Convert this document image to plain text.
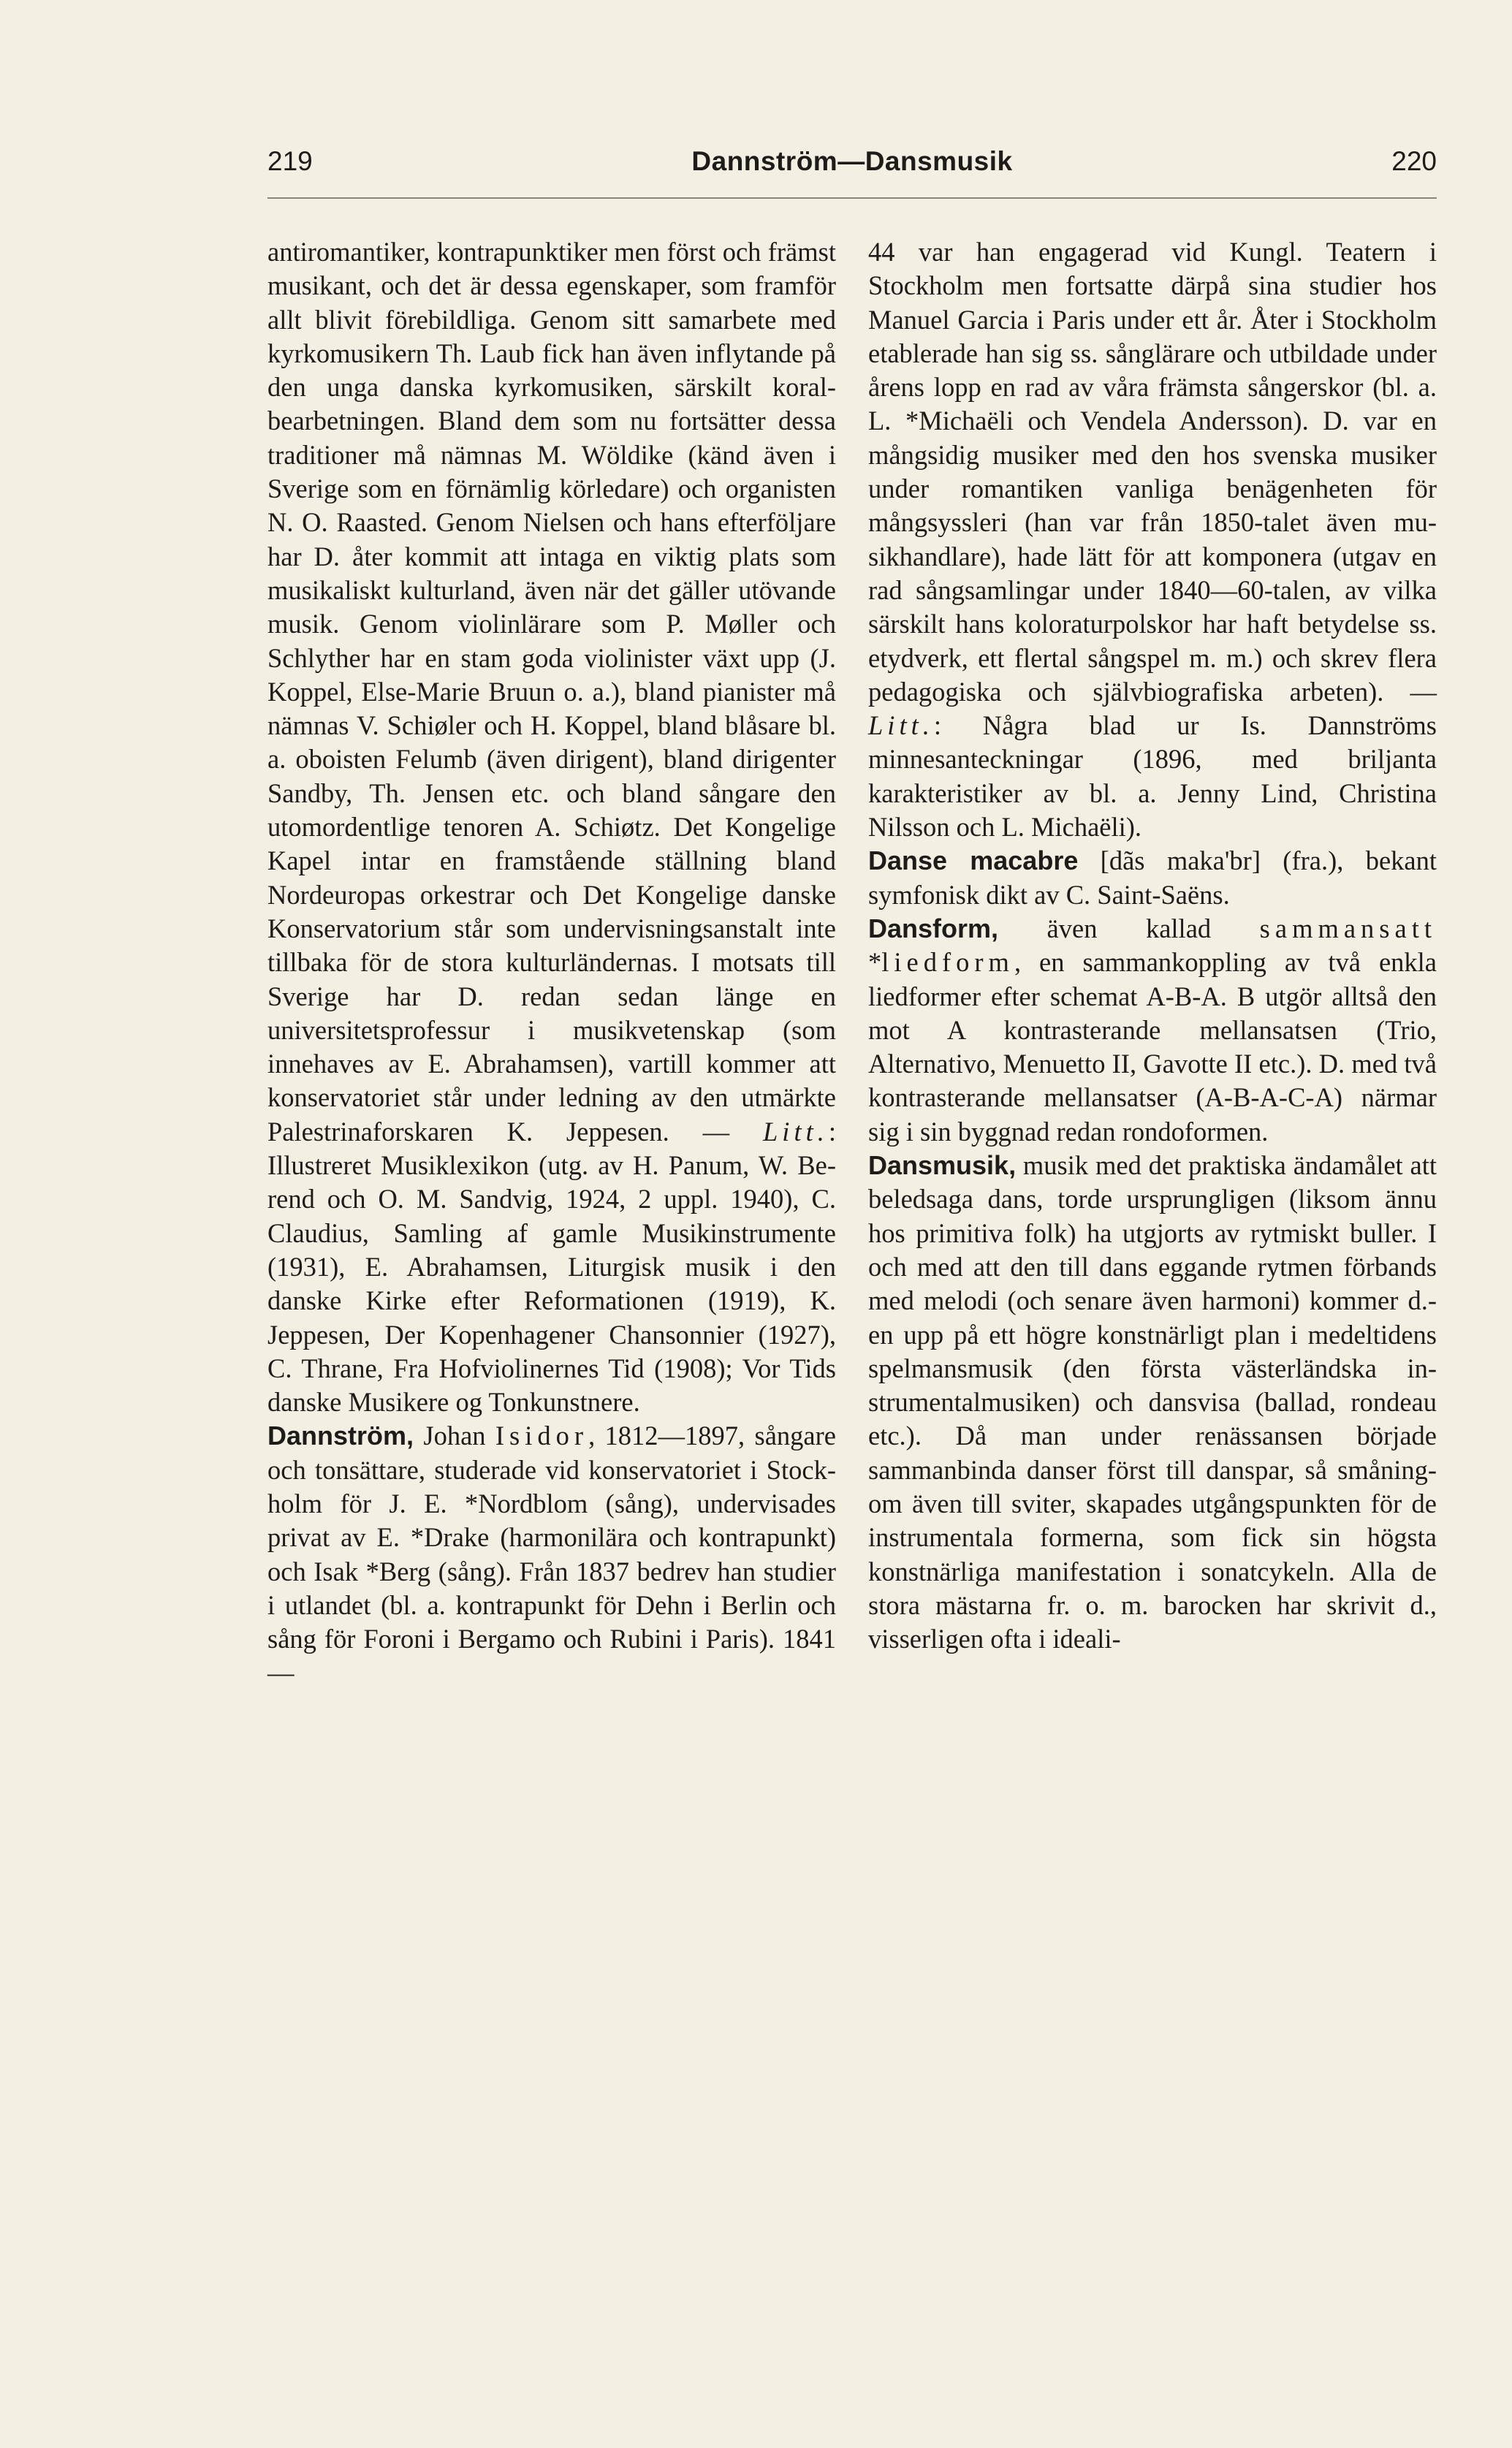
219	Dannström—Dansmusik	220

antiromantiker, kontrapunktiker men först och främst musikant, och det är dessa egenskaper, som framför allt blivit förebildliga. Genom sitt samarbete med kyrkomusikern Th. Laub fick han även inflytande på den unga danska kyrkomusiken, särskilt koralbearbetningen. Bland dem som nu fortsätter dessa traditioner må nämnas M. Wöldike (känd även i Sverige som en förnämlig körledare) och organisten N. O. Raasted. Genom Nielsen och hans efterföljare har D. åter kommit att intaga en viktig plats som musikaliskt kulturland, även när det gäller utövande musik. Genom violinlärare som P. Møller och Schlyther har en stam goda violinister växt upp (J. Koppel, Else-Marie Bruun o. a.), bland pianister må nämnas V. Schiøler och H. Koppel, bland blåsare bl. a. oboisten Felumb (även dirigent), bland dirigenter Sandby, Th. Jensen etc. och bland sångare den utomordentlige tenoren A. Schiøtz. Det Kongelige Kapel intar en framstående ställning bland Nordeuropas orkestrar och Det Kongelige danske Konservatorium står som undervisningsanstalt inte tillbaka för de stora kulturländernas. I motsats till Sverige har D. redan sedan länge en universitetsprofessur i musikvetenskap (som innehaves av E. Abrahamsen), vartill kommer att konservatoriet står under ledning av den utmärkte Palestrinaforskaren K. Jeppesen. — Litt.: Illustreret Musiklexikon (utg. av H. Panum, W. Berend och O. M. Sandvig, 1924, 2 uppl. 1940), C. Claudius, Samling af gamle Musikinstrumente (1931), E. Abrahamsen, Liturgisk musik i den danske Kirke efter Reformationen (1919), K. Jeppesen, Der Kopenhagener Chansonnier (1927), C. Thrane, Fra Hofviolinernes Tid (1908); Vor Tids danske Musikere og Tonkunstnere.

Dannström, Johan Isidor, 1812—1897, sångare och tonsättare, studerade vid konservatoriet i Stockholm för J. E. *Nordblom (sång), undervisades privat av E. *Drake (harmonilära och kontrapunkt) och Isak *Berg (sång). Från 1837 bedrev han studier i utlandet (bl. a. kontrapunkt för Dehn i Berlin och sång för Foroni i Bergamo och Rubini i Paris). 1841—

44 var han engagerad vid Kungl. Teatern i Stockholm men fortsatte därpå sina studier hos Manuel Garcia i Paris under ett år. Åter i Stockholm etablerade han sig ss. sånglärare och utbildade under årens lopp en rad av våra främsta sångerskor (bl. a. L. *Michaëli och Vendela Andersson). D. var en mångsidig musiker med den hos svenska musiker under romantiken vanliga benägenheten för mångsyssleri (han var från 1850-talet även musikhandlare), hade lätt för att komponera (utgav en rad sångsamlingar under 1840—60-talen, av vilka särskilt hans koloraturpolskor har haft betydelse ss. etydverk, ett flertal sångspel m. m.) och skrev flera pedagogiska och självbiografiska arbeten). — Litt.: Några blad ur Is. Dannströms minnesanteckningar (1896, med briljanta karakteristiker av bl. a. Jenny Lind, Christina Nilsson och L. Michaëli).

Danse macabre [dãs maka'br] (fra.), bekant symfonisk dikt av C. Saint-Saëns.

Dansform, även kallad sammansatt *liedform, en sammankoppling av två enkla liedformer efter schemat A-B-A. B utgör alltså den mot A kontrasterande mellansatsen (Trio, Alternativo, Menuetto II, Gavotte II etc.). D. med två kontrasterande mellansatser (A-B-A-C-A) närmar sig i sin byggnad redan rondoformen.

Dansmusik, musik med det praktiska ändamålet att beledsaga dans, torde ursprungligen (liksom ännu hos primitiva folk) ha utgjorts av rytmiskt buller. I och med att den till dans eggande rytmen förbands med melodi (och senare även harmoni) kommer d.-en upp på ett högre konstnärligt plan i medeltidens spelmansmusik (den första västerländska instrumentalmusiken) och dansvisa (ballad, rondeau etc.). Då man under renässansen började sammanbinda danser först till danspar, så småningom även till sviter, skapades utgångspunkten för de instrumentala formerna, som fick sin högsta konstnärliga manifestation i sonatcykeln. Alla de stora mästarna fr. o. m. barocken har skrivit d., visserligen ofta i ideali-
